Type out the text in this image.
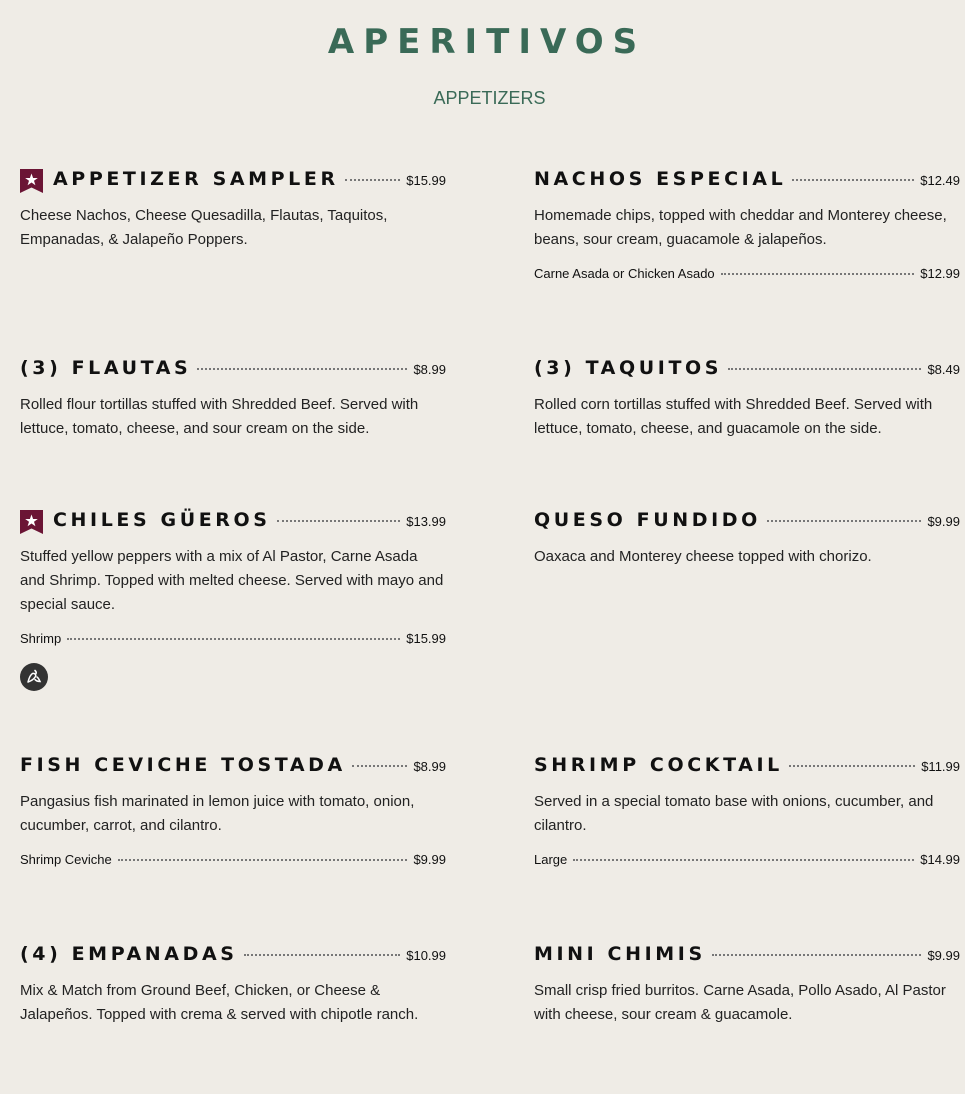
APERITIVOS
APPETIZERS
APPETIZER SAMPLER	$15.99
Cheese Nachos, Cheese Quesadilla, Flautas, Taquitos, Empanadas, & Jalapeño Poppers.
NACHOS ESPECIAL	$12.49
Homemade chips, topped with cheddar and Monterey cheese, beans, sour cream, guacamole & jalapeños.
Carne Asada or Chicken Asado	$12.99
(3) FLAUTAS	$8.99
Rolled flour tortillas stuffed with Shredded Beef. Served with lettuce, tomato, cheese, and sour cream on the side.
(3) TAQUITOS	$8.49
Rolled corn tortillas stuffed with Shredded Beef. Served with lettuce, tomato, cheese, and guacamole on the side.
CHILES GÜEROS	$13.99
Stuffed yellow peppers with a mix of Al Pastor, Carne Asada and Shrimp. Topped with melted cheese. Served with mayo and special sauce.
Shrimp	$15.99
QUESO FUNDIDO	$9.99
Oaxaca and Monterey cheese topped with chorizo.
FISH CEVICHE TOSTADA	$8.99
Pangasius fish marinated in lemon juice with tomato, onion, cucumber, carrot, and cilantro.
Shrimp Ceviche	$9.99
SHRIMP COCKTAIL	$11.99
Served in a special tomato base with onions, cucumber, and cilantro.
Large	$14.99
(4) EMPANADAS	$10.99
Mix & Match from Ground Beef, Chicken, or Cheese & Jalapeños. Topped with crema & served with chipotle ranch.
MINI CHIMIS	$9.99
Small crisp fried burritos. Carne Asada, Pollo Asado, Al Pastor with cheese, sour cream & guacamole.
